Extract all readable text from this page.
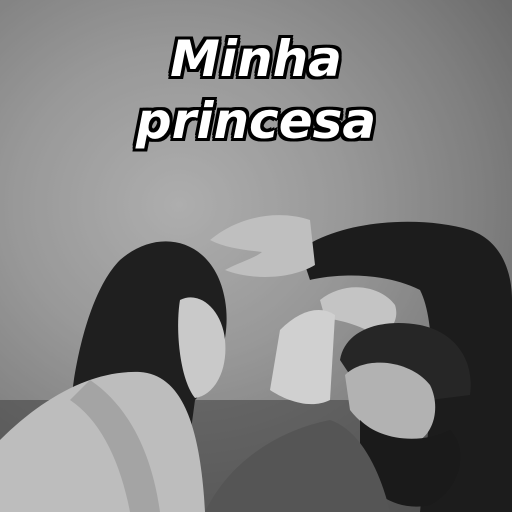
Minha
princesa
